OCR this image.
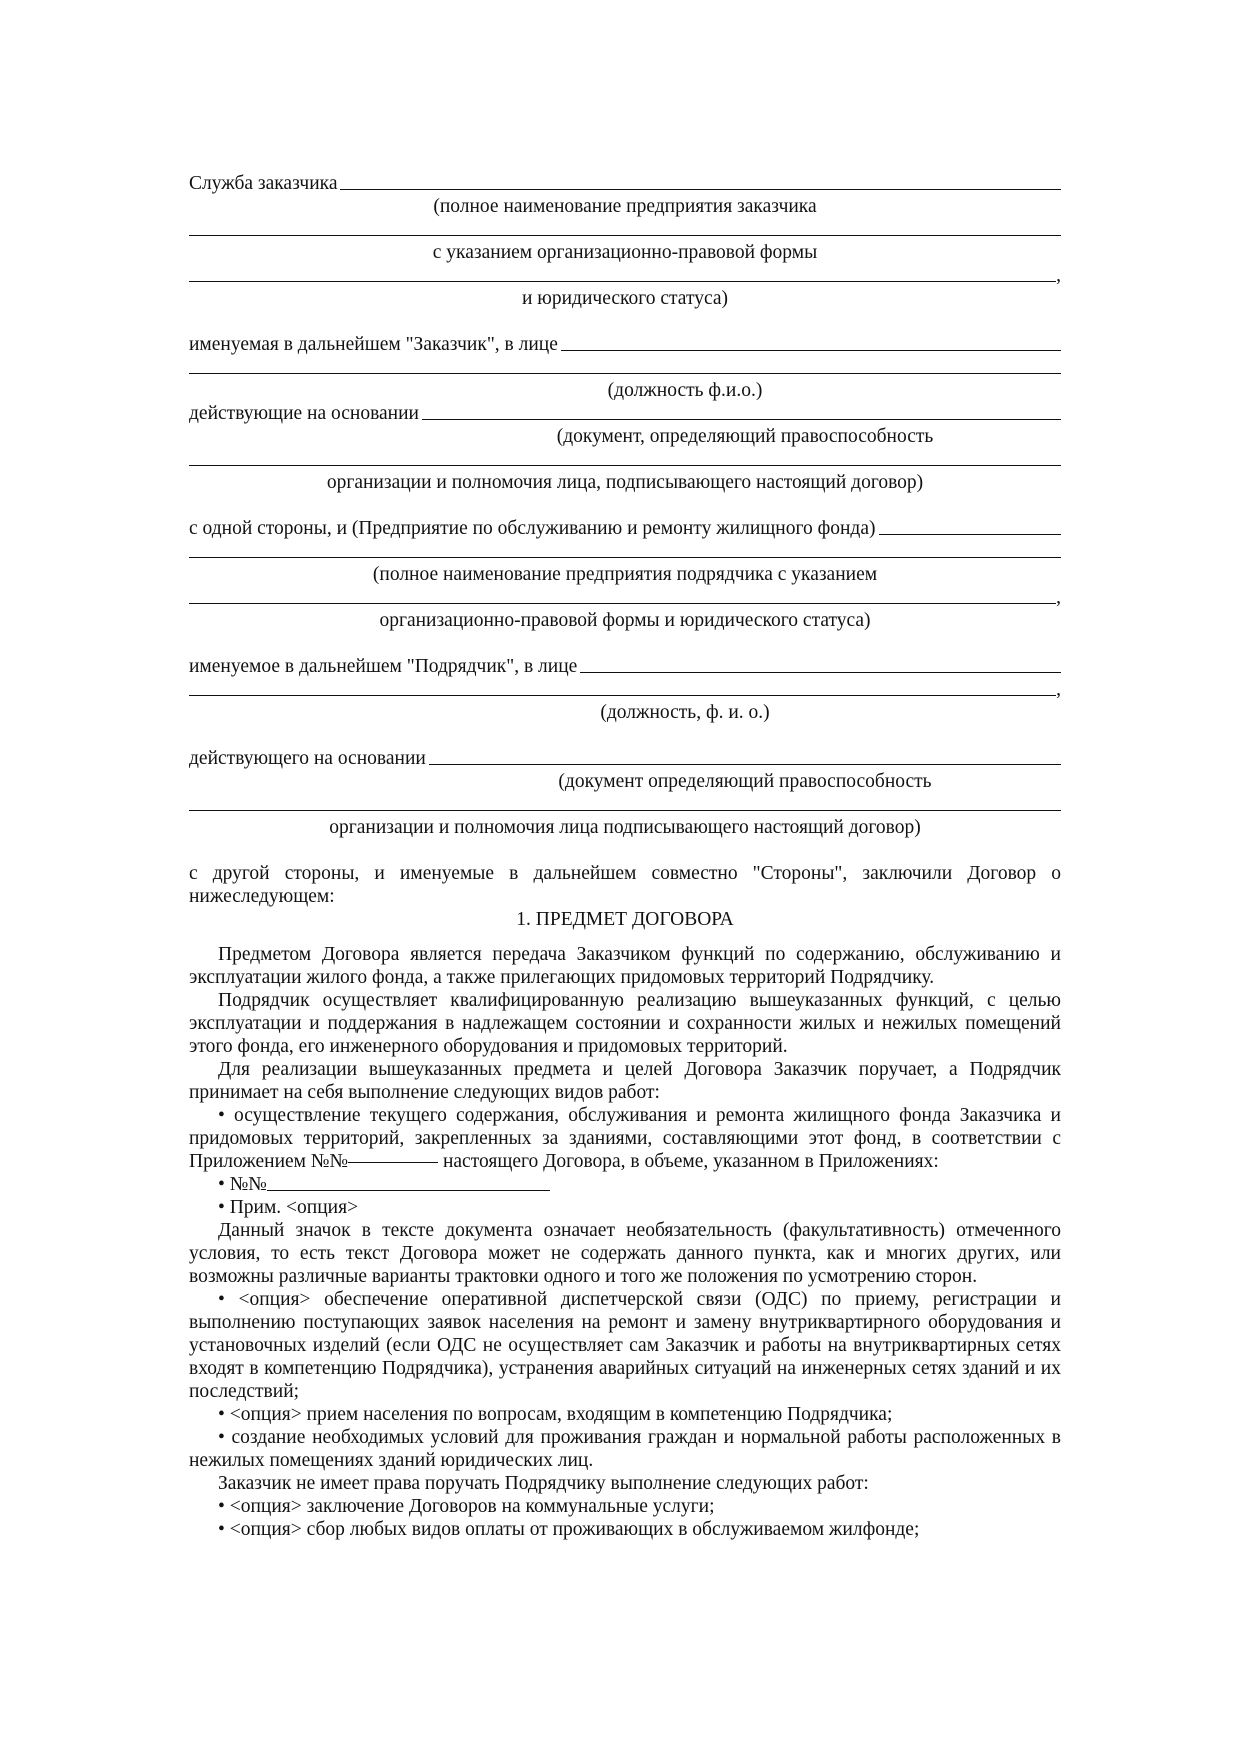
Служба заказчика
(полное наименование предприятия заказчика
с указанием организационно-правовой формы
,
и юридического статуса)
именуемая в дальнейшем "Заказчик", в лице
(должность ф.и.о.)
действующие на основании
(документ, определяющий правоспособность
организации и полномочия лица, подписывающего настоящий договор)
с одной стороны, и (Предприятие по обслуживанию и ремонту жилищного фонда)
(полное наименование предприятия подрядчика с указанием
,
организационно-правовой формы и юридического статуса)
именуемое в дальнейшем "Подрядчик", в лице
,
(должность, ф. и. о.)
действующего на основании
(документ определяющий правоспособность
организации и полномочия лица подписывающего настоящий договор)
с другой стороны, и именуемые в дальнейшем совместно "Стороны", заключили Договор о нижеследующем:
1. ПРЕДМЕТ ДОГОВОРА
Предметом Договора является передача Заказчиком функций по содержанию, обслуживанию и эксплуатации жилого фонда, а также прилегающих придомовых территорий Подрядчику.
Подрядчик осуществляет квалифицированную реализацию вышеуказанных функций, с целью эксплуатации и поддержания в надлежащем состоянии и сохранности жилых и нежилых помещений этого фонда, его инженерного оборудования и придомовых территорий.
Для реализации вышеуказанных предмета и целей Договора Заказчик поручает, а Подрядчик принимает на себя выполнение следующих видов работ:
• осуществление текущего содержания, обслуживания и ремонта жилищного фонда Заказчика и придомовых территорий, закрепленных за зданиями, составляющими этот фонд, в соответствии с Приложением №№	настоящего Договора, в объеме, указанном в Приложениях:
• №№
• Прим. <опция>
Данный значок в тексте документа означает необязательность (факультативность) отмеченного условия, то есть текст Договора может не содержать данного пункта, как и многих других, или возможны различные варианты трактовки одного и того же положения по усмотрению сторон.
• <опция> обеспечение оперативной диспетчерской связи (ОДС) по приему, регистрации и выполнению поступающих заявок населения на ремонт и замену внутриквартирного оборудования и установочных изделий (если ОДС не осуществляет сам Заказчик и работы на внутриквартирных сетях входят в компетенцию Подрядчика), устранения аварийных ситуаций на инженерных сетях зданий и их последствий;
• <опция> прием населения по вопросам, входящим в компетенцию Подрядчика;
• создание необходимых условий для проживания граждан и нормальной работы расположенных в нежилых помещениях зданий юридических лиц.
Заказчик не имеет права поручать Подрядчику выполнение следующих работ:
• <опция> заключение Договоров на коммунальные услуги;
• <опция> сбор любых видов оплаты от проживающих в обслуживаемом жилфонде;
